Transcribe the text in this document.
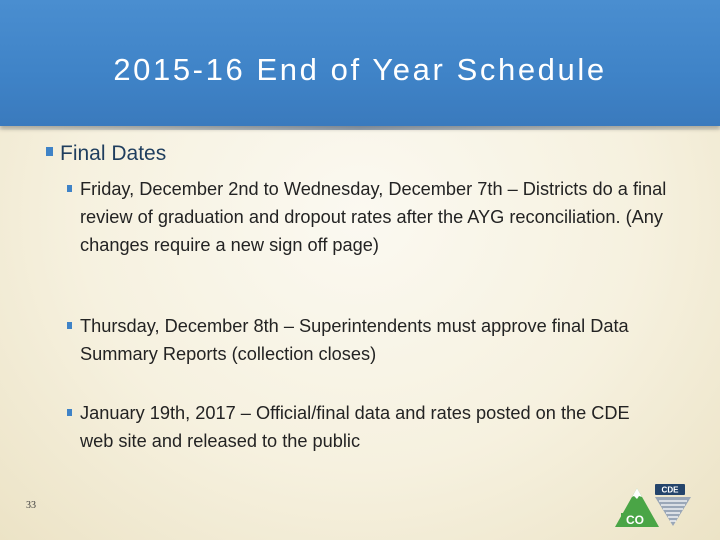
2015-16 End of Year Schedule
Final Dates
Friday, December 2nd to Wednesday, December 7th – Districts do a final review of graduation and dropout rates after the AYG reconciliation. (Any changes require a new sign off page)
Thursday, December 8th – Superintendents must approve final Data Summary Reports (collection closes)
January 19th, 2017 – Official/final data and rates posted on the CDE web site and released to the public
33
CDE
CO
